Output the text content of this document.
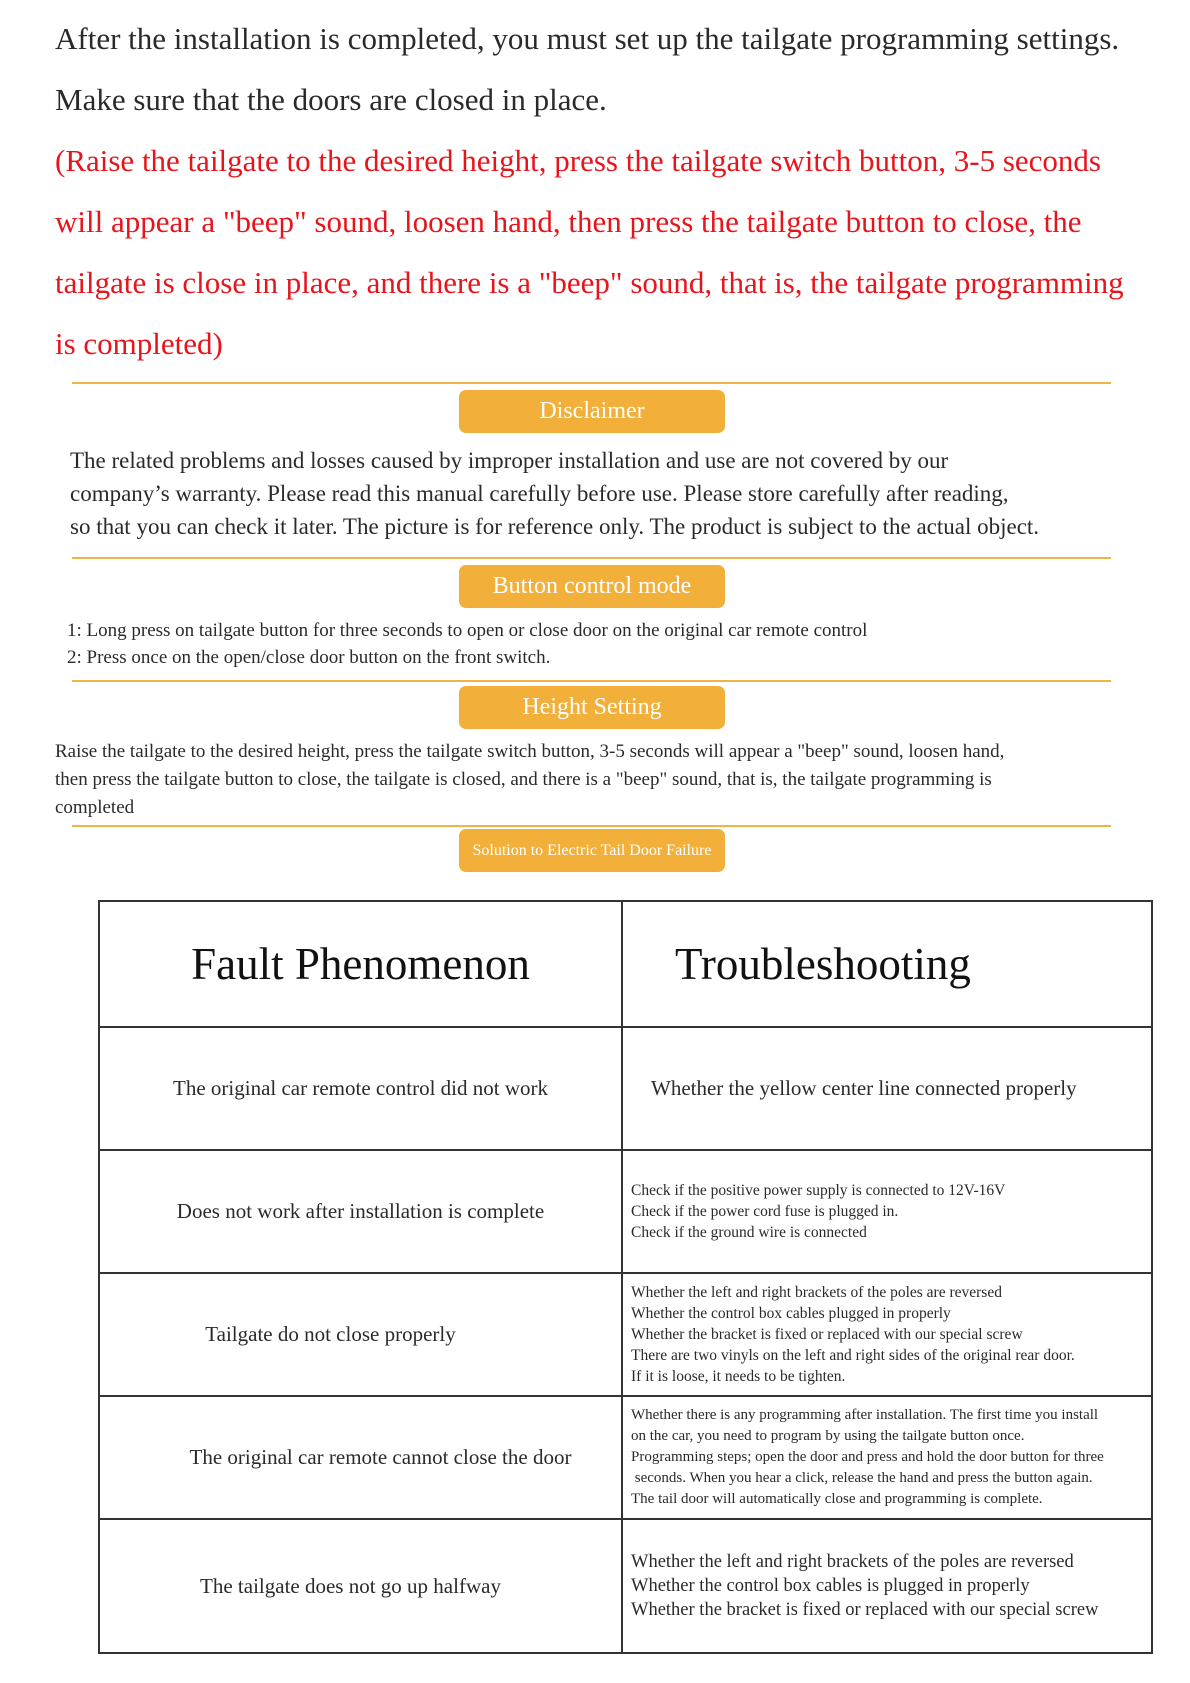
After the installation is completed, you must set up the tailgate programming settings.

Make sure that the doors are closed in place.

(Raise the tailgate to the desired height, press the tailgate switch button, 3-5 seconds

will appear a "beep" sound, loosen hand, then press the tailgate button to close, the

tailgate is close in place, and there is a "beep" sound, that is, the tailgate programming

is completed)

Disclaimer
The related problems and losses caused by improper installation and use are not covered by our
company’s warranty. Please read this manual carefully before use. Please store carefully after reading,
so that you can check it later. The picture is for reference only. The product is subject to the actual object.
Button control mode
1: Long press on tailgate button for three seconds to open or close door on the original car remote control
2: Press once on the open/close door button on the front switch.
Height Setting
Raise the tailgate to the desired height, press the tailgate switch button, 3-5 seconds will appear a "beep" sound, loosen hand,
then press the tailgate button to close, the tailgate is closed, and there is a "beep" sound, that is, the tailgate programming is
completed
Solution to Electric Tail Door Failure
Fault Phenomenon	Troubleshooting
The original car remote control did not work	Whether the yellow center line connected properly

Does not work after installation is complete	Check if the positive power supply is connected to 12V-16V
Check if the power cord fuse is plugged in.
Check if the ground wire is connected

Tailgate do not close properly	Whether the left and right brackets of the poles are reversed
Whether the control box cables plugged in properly
Whether the bracket is fixed or replaced with our special screw
There are two vinyls on the left and right sides of the original rear door.
If it is loose, it needs to be tighten.

The original car remote cannot close the door	Whether there is any programming after installation. The first time you install
on the car, you need to program by using the tailgate button once.
Programming steps; open the door and press and hold the door button for three
seconds. When you hear a click, release the hand and press the button again.
The tail door will automatically close and programming is complete.

The tailgate does not go up halfway	Whether the left and right brackets of the poles are reversed
Whether the control box cables is plugged in properly
Whether the bracket is fixed or replaced with our special screw
